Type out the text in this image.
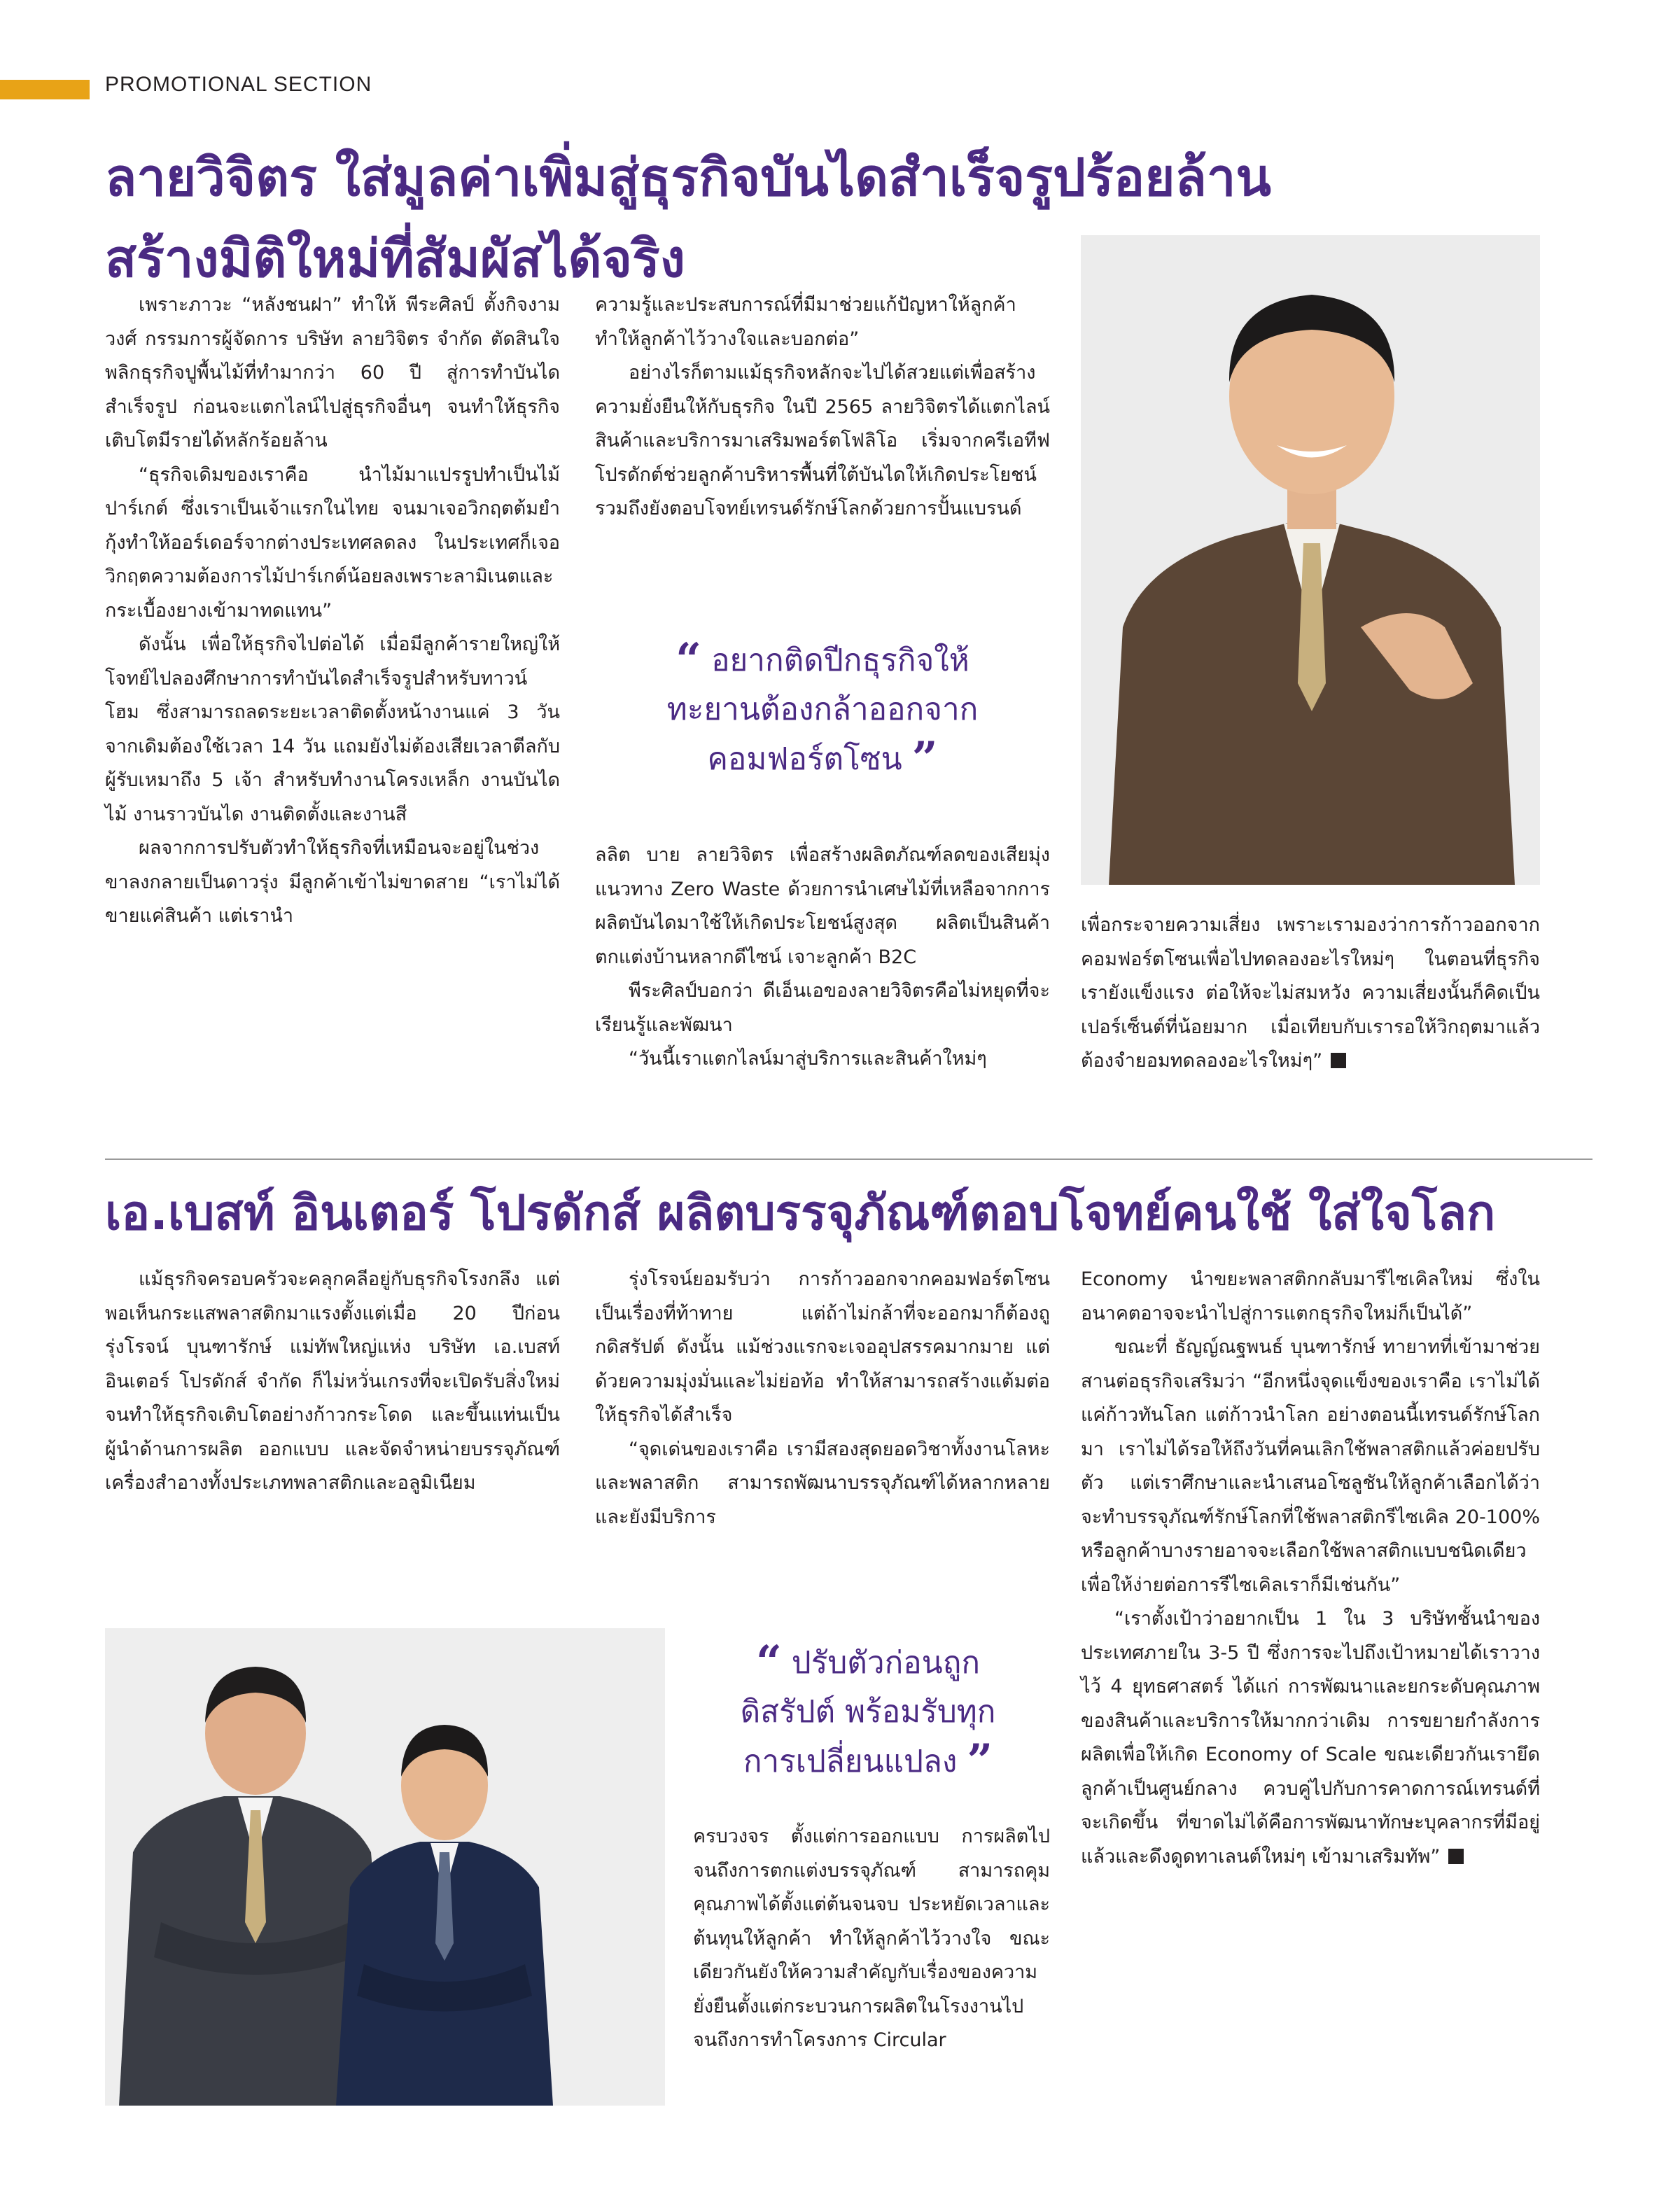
PROMOTIONAL SECTION
ลายวิจิตร ใส่มูลค่าเพิ่มสู่ธุรกิจบันไดสำเร็จรูปร้อยล้าน
สร้างมิติใหม่ที่สัมผัสได้จริง

เพราะภาวะ “หลังชนฝา” ทำให้ พีระศิลป์ ตั้งกิจงามวงศ์ กรรมการผู้จัดการ บริษัท ลายวิจิตร จำกัด ตัดสินใจพลิกธุรกิจปูพื้นไม้ที่ทำมากว่า 60 ปี สู่การทำบันไดสำเร็จรูป ก่อนจะแตกไลน์ไปสู่ธุรกิจอื่นๆ จนทำให้ธุรกิจเติบโตมีรายได้หลักร้อยล้าน

“ธุรกิจเดิมของเราคือ นำไม้มาแปรรูปทำเป็นไม้ปาร์เกต์ ซึ่งเราเป็นเจ้าแรกในไทย จนมาเจอวิกฤตต้มยำกุ้งทำให้ออร์เดอร์จากต่างประเทศลดลง ในประเทศก็เจอวิกฤตความต้องการไม้ปาร์เกต์น้อยลงเพราะลามิเนตและกระเบื้องยางเข้ามาทดแทน”

ดังนั้น เพื่อให้ธุรกิจไปต่อได้ เมื่อมีลูกค้ารายใหญ่ให้โจทย์ไปลองศึกษาการทำบันไดสำเร็จรูปสำหรับทาวน์โฮม ซึ่งสามารถลดระยะเวลาติดตั้งหน้างานแค่ 3 วัน จากเดิมต้องใช้เวลา 14 วัน แถมยังไม่ต้องเสียเวลาตีลกับผู้รับเหมาถึง 5 เจ้า สำหรับทำงานโครงเหล็ก งานบันไดไม้ งานราวบันได งานติดตั้งและงานสี

ผลจากการปรับตัวทำให้ธุรกิจที่เหมือนจะอยู่ในช่วงขาลงกลายเป็นดาวรุ่ง มีลูกค้าเข้าไม่ขาดสาย “เราไม่ได้ขายแค่สินค้า แต่เรานำ

ความรู้และประสบการณ์ที่มีมาช่วยแก้ปัญหาให้ลูกค้า ทำให้ลูกค้าไว้วางใจและบอกต่อ”

อย่างไรก็ตามแม้ธุรกิจหลักจะไปได้สวยแต่เพื่อสร้างความยั่งยืนให้กับธุรกิจ ในปี 2565 ลายวิจิตรได้แตกไลน์สินค้าและบริการมาเสริมพอร์ตโฟลิโอ เริ่มจากครีเอทีฟโปรดักต์ช่วยลูกค้าบริหารพื้นที่ใต้บันไดให้เกิดประโยชน์ รวมถึงยังตอบโจทย์เทรนด์รักษ์โลกด้วยการปั้นแบรนด์

“ อยากติดปีกธุรกิจให้
ทะยานต้องกล้าออกจาก
คอมฟอร์ตโซน ”

ลลิต บาย ลายวิจิตร เพื่อสร้างผลิตภัณฑ์ลดของเสียมุ่งแนวทาง Zero Waste ด้วยการนำเศษไม้ที่เหลือจากการผลิตบันไดมาใช้ให้เกิดประโยชน์สูงสุด ผลิตเป็นสินค้าตกแต่งบ้านหลากดีไซน์ เจาะลูกค้า B2C

พีระศิลป์บอกว่า ดีเอ็นเอของลายวิจิตรคือไม่หยุดที่จะเรียนรู้และพัฒนา

“วันนี้เราแตกไลน์มาสู่บริการและสินค้าใหม่ๆ

เพื่อกระจายความเสี่ยง เพราะเรามองว่าการก้าวออกจากคอมฟอร์ตโซนเพื่อไปทดลองอะไรใหม่ๆ ในตอนที่ธุรกิจเรายังแข็งแรง ต่อให้จะไม่สมหวัง ความเสี่ยงนั้นก็คิดเป็นเปอร์เซ็นต์ที่น้อยมาก เมื่อเทียบกับเรารอให้วิกฤตมาแล้วต้องจำยอมทดลองอะไรใหม่ๆ”

เอ.เบสท์ อินเตอร์ โปรดักส์ ผลิตบรรจุภัณฑ์ตอบโจทย์คนใช้ ใส่ใจโลก

แม้ธุรกิจครอบครัวจะคลุกคลีอยู่กับธุรกิจโรงกลึง แต่พอเห็นกระแสพลาสติกมาแรงตั้งแต่เมื่อ 20 ปีก่อน รุ่งโรจน์ บุนฑารักษ์ แม่ทัพใหญ่แห่ง บริษัท เอ.เบสท์ อินเตอร์ โปรดักส์ จำกัด ก็ไม่หวั่นเกรงที่จะเปิดรับสิ่งใหม่ จนทำให้ธุรกิจเติบโตอย่างก้าวกระโดด และขึ้นแท่นเป็นผู้นำด้านการผลิต ออกแบบ และจัดจำหน่ายบรรจุภัณฑ์เครื่องสำอางทั้งประเภทพลาสติกและอลูมิเนียม

รุ่งโรจน์ยอมรับว่า การก้าวออกจากคอมฟอร์ตโซนเป็นเรื่องที่ท้าทาย แต่ถ้าไม่กล้าที่จะออกมาก็ต้องถูกดิสรัปต์ ดังนั้น แม้ช่วงแรกจะเจออุปสรรคมากมาย แต่ด้วยความมุ่งมั่นและไม่ย่อท้อ ทำให้สามารถสร้างแต้มต่อให้ธุรกิจได้สำเร็จ

“จุดเด่นของเราคือ เรามีสองสุดยอดวิชาทั้งงานโลหะและพลาสติก สามารถพัฒนาบรรจุภัณฑ์ได้หลากหลาย และยังมีบริการ

“ ปรับตัวก่อนถูก
ดิสรัปต์ พร้อมรับทุก
การเปลี่ยนแปลง ”

ครบวงจร ตั้งแต่การออกแบบ การผลิตไปจนถึงการตกแต่งบรรจุภัณฑ์ สามารถคุมคุณภาพได้ตั้งแต่ต้นจนจบ ประหยัดเวลาและต้นทุนให้ลูกค้า ทำให้ลูกค้าไว้วางใจ ขณะเดียวกันยังให้ความสำคัญกับเรื่องของความยั่งยืนตั้งแต่กระบวนการผลิตในโรงงานไปจนถึงการทำโครงการ Circular

Economy นำขยะพลาสติกกลับมารีไซเคิลใหม่ ซึ่งในอนาคตอาจจะนำไปสู่การแตกธุรกิจใหม่ก็เป็นได้”

ขณะที่ ธัญญ์ณฐพนธ์ บุนฑารักษ์ ทายาทที่เข้ามาช่วยสานต่อธุรกิจเสริมว่า “อีกหนึ่งจุดแข็งของเราคือ เราไม่ได้แค่ก้าวทันโลก แต่ก้าวนำโลก อย่างตอนนี้เทรนด์รักษ์โลกมา เราไม่ได้รอให้ถึงวันที่คนเลิกใช้พลาสติกแล้วค่อยปรับตัว แต่เราศึกษาและนำเสนอโซลูชันให้ลูกค้าเลือกได้ว่า จะทำบรรจุภัณฑ์รักษ์โลกที่ใช้พลาสติกรีไซเคิล 20-100% หรือลูกค้าบางรายอาจจะเลือกใช้พลาสติกแบบชนิดเดียวเพื่อให้ง่ายต่อการรีไซเคิลเราก็มีเช่นกัน”

“เราตั้งเป้าว่าอยากเป็น 1 ใน 3 บริษัทชั้นนำของประเทศภายใน 3-5 ปี ซึ่งการจะไปถึงเป้าหมายได้เราวางไว้ 4 ยุทธศาสตร์ ได้แก่ การพัฒนาและยกระดับคุณภาพของสินค้าและบริการให้มากกว่าเดิม การขยายกำลังการผลิตเพื่อให้เกิด Economy of Scale ขณะเดียวกันเรายึดลูกค้าเป็นศูนย์กลาง ควบคู่ไปกับการคาดการณ์เทรนด์ที่จะเกิดขึ้น ที่ขาดไม่ได้คือการพัฒนาทักษะบุคลากรที่มีอยู่แล้วและดึงดูดทาเลนต์ใหม่ๆ เข้ามาเสริมทัพ”
